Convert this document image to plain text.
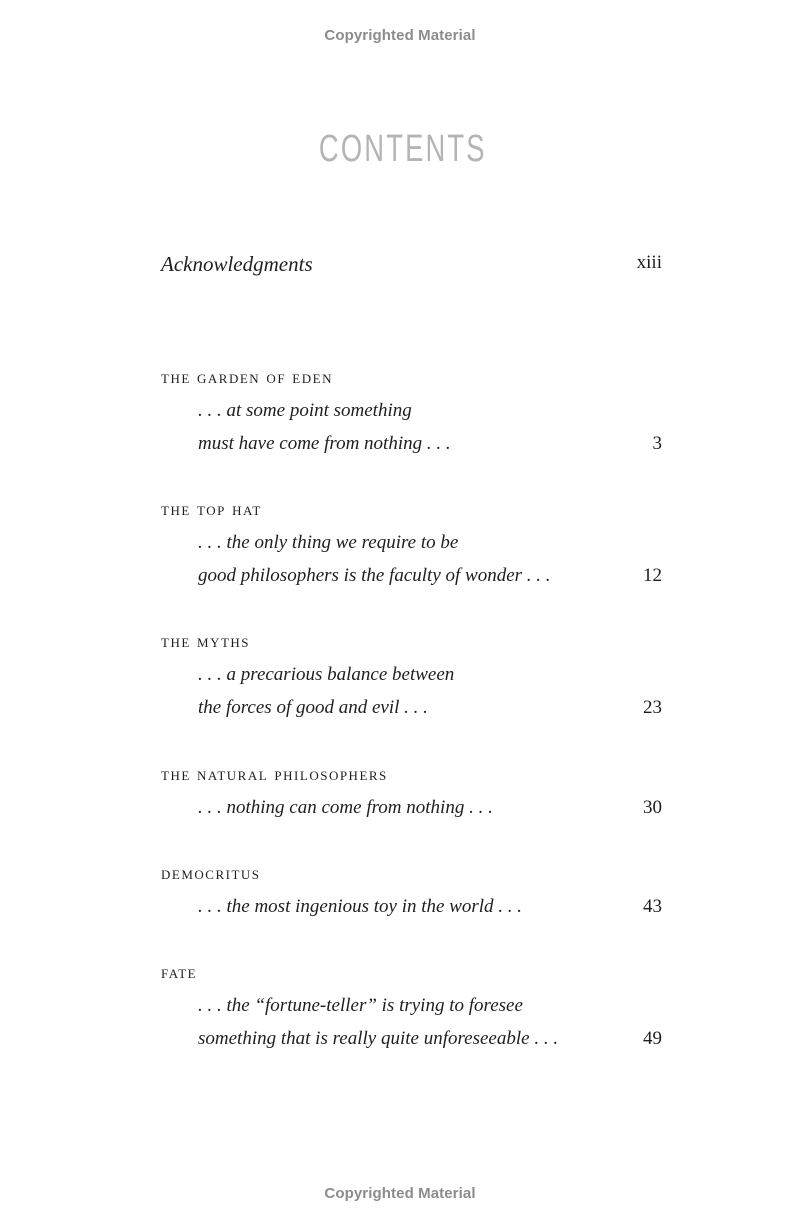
Copyrighted Material
CONTENTS
Acknowledgments	xiii
the garden of eden
. . . at some point something
must have come from nothing . . .	3
the top hat
. . . the only thing we require to be
good philosophers is the faculty of wonder . . .	12
the myths
. . . a precarious balance between
the forces of good and evil . . .	23
the natural philosophers
. . . nothing can come from nothing . . .	30
democritus
. . . the most ingenious toy in the world . . .	43
fate
. . . the “fortune-teller” is trying to foresee
something that is really quite unforeseeable . . .	49
Copyrighted Material
